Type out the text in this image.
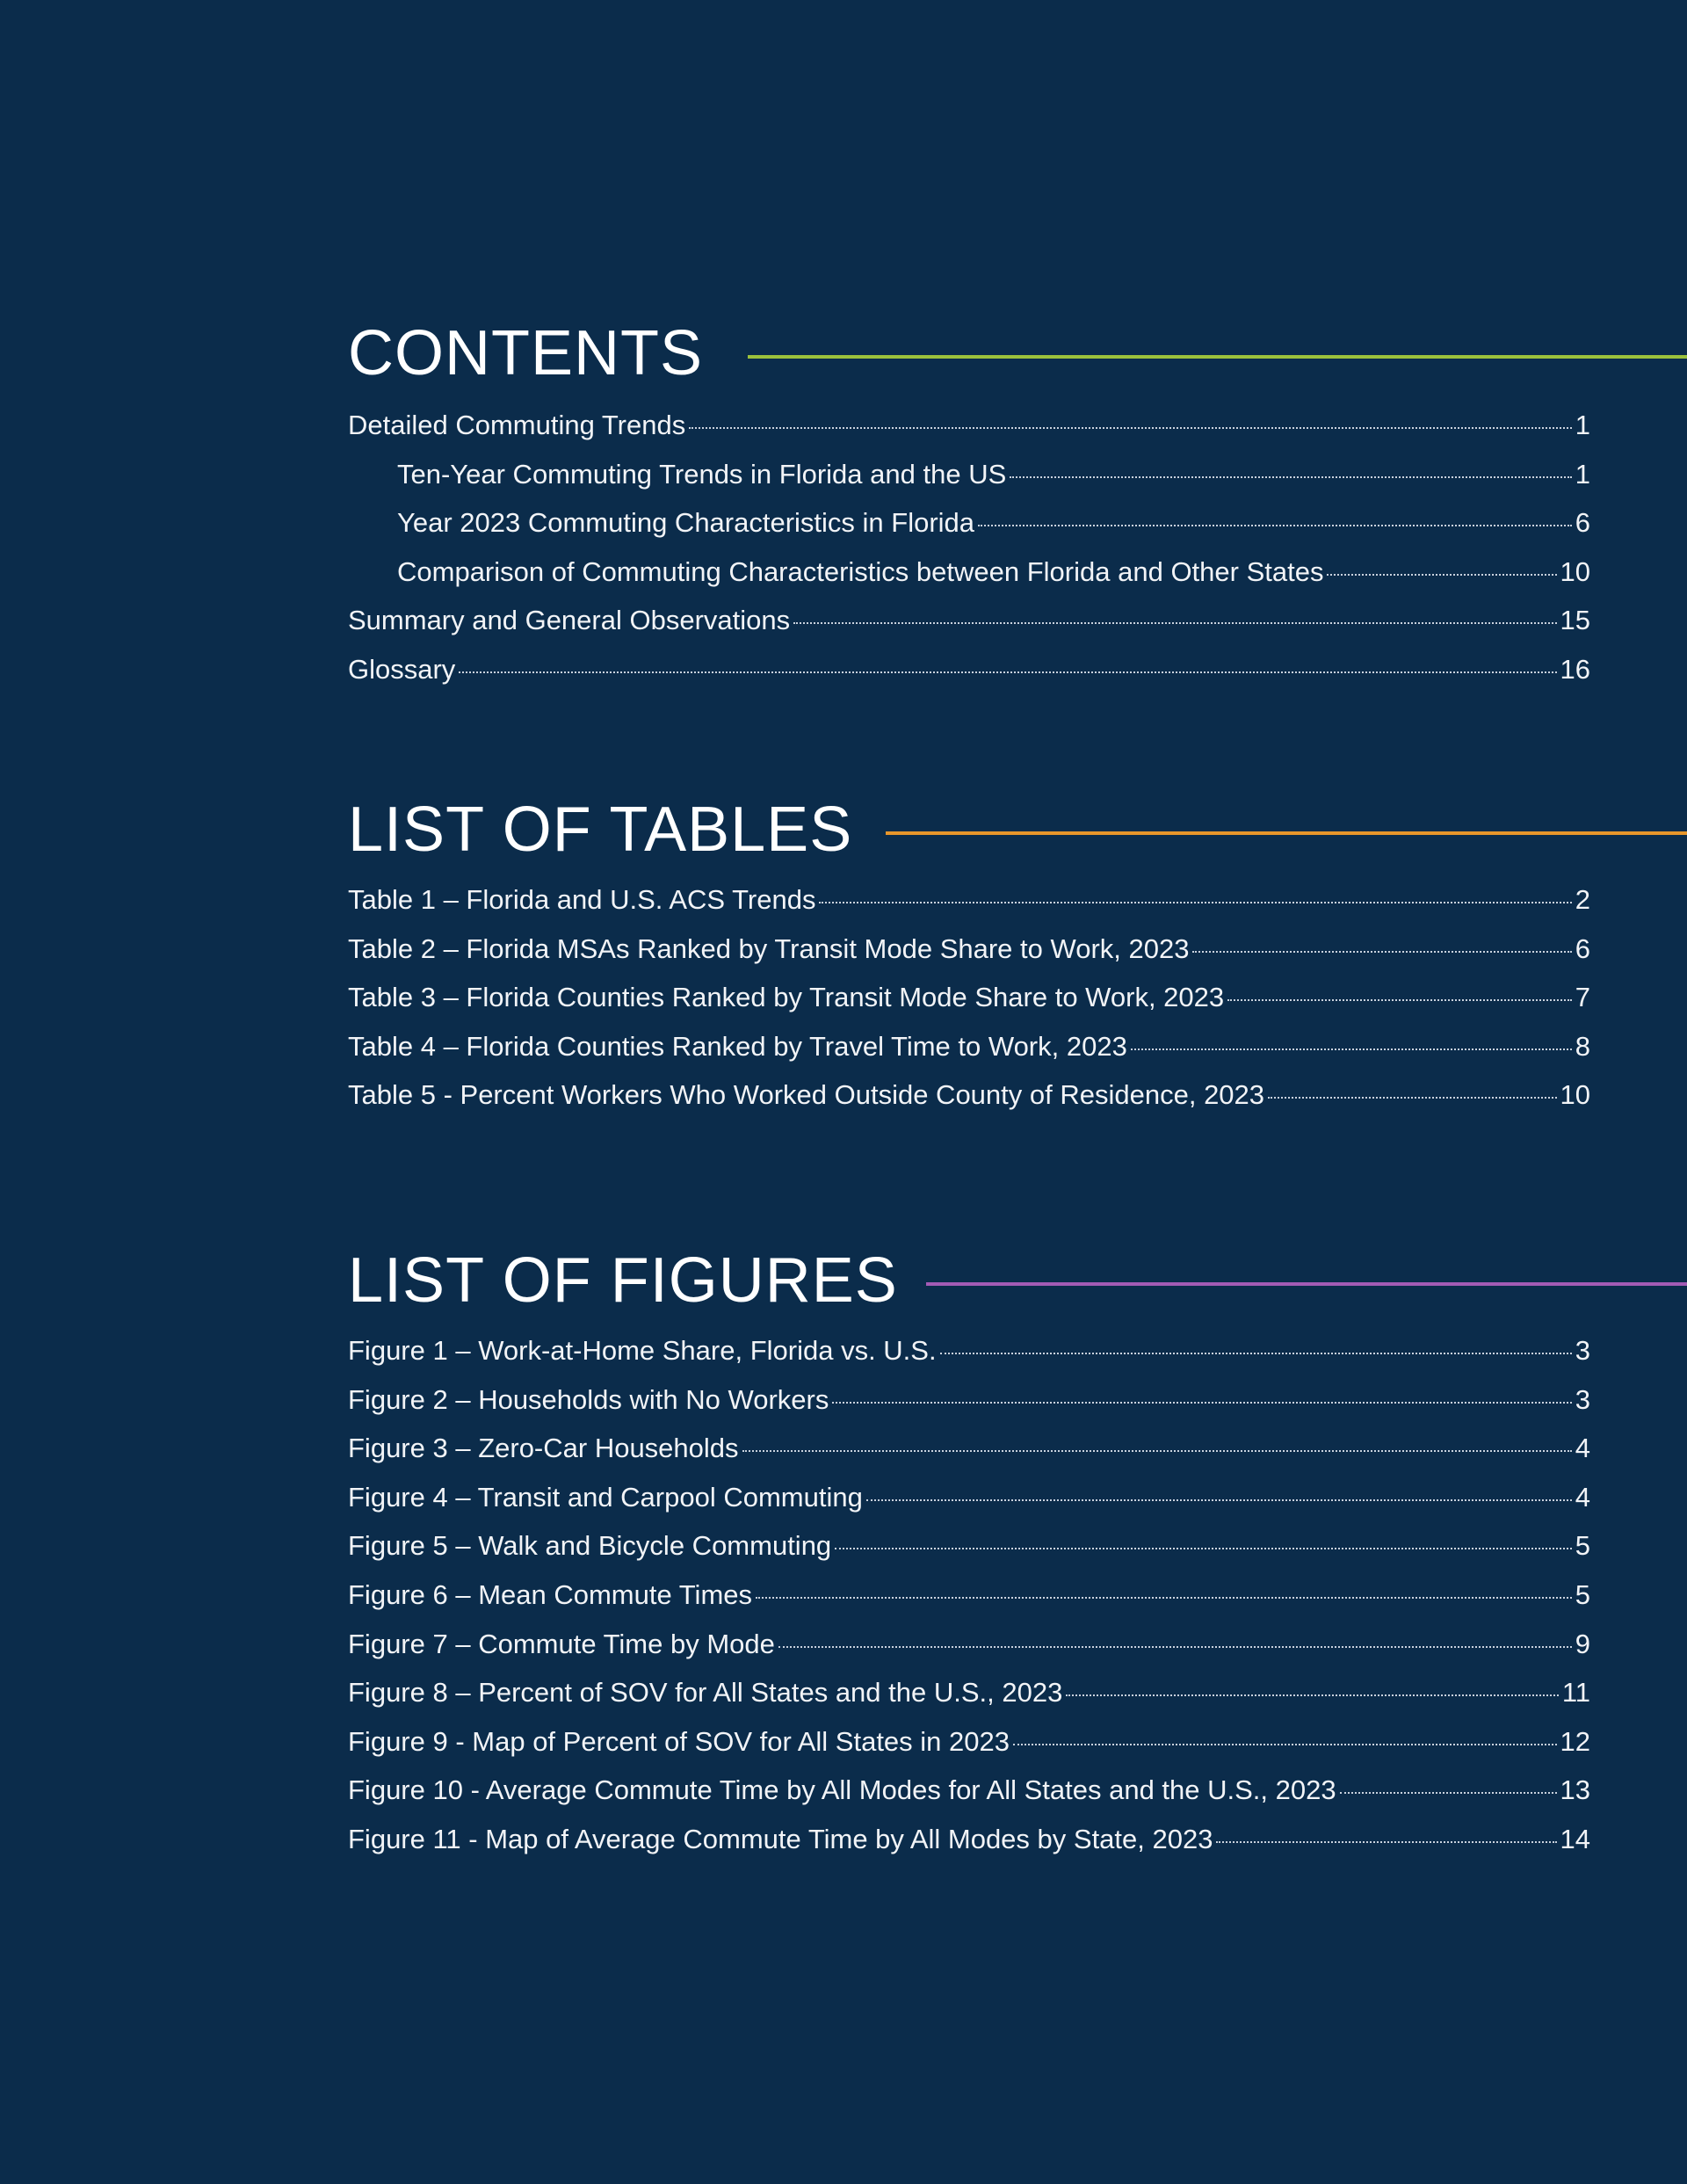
CONTENTS
Detailed Commuting Trends	1
Ten-Year Commuting Trends in Florida and the US	1
Year 2023 Commuting Characteristics in Florida	6
Comparison of Commuting Characteristics between Florida and Other States	10
Summary and General Observations	15
Glossary	16
LIST OF TABLES
Table 1 – Florida and U.S. ACS Trends	2
Table 2 – Florida MSAs Ranked by Transit Mode Share to Work, 2023	6
Table 3 – Florida Counties Ranked by Transit Mode Share to Work, 2023	7
Table 4 – Florida Counties Ranked by Travel Time to Work, 2023	8
Table 5 - Percent Workers Who Worked Outside County of Residence, 2023	10
LIST OF FIGURES
Figure 1 – Work-at-Home Share, Florida vs. U.S.	3
Figure 2 – Households with No Workers	3
Figure 3 – Zero-Car Households	4
Figure 4 – Transit and Carpool Commuting	4
Figure 5 – Walk and Bicycle Commuting	5
Figure 6 – Mean Commute Times	5
Figure 7 – Commute Time by Mode	9
Figure 8 – Percent of SOV for All States and the U.S., 2023	11
Figure 9 - Map of Percent of SOV for All States in 2023	12
Figure 10 - Average Commute Time by All Modes for All States and the U.S., 2023	13
Figure 11 - Map of Average Commute Time by All Modes by State, 2023	14
